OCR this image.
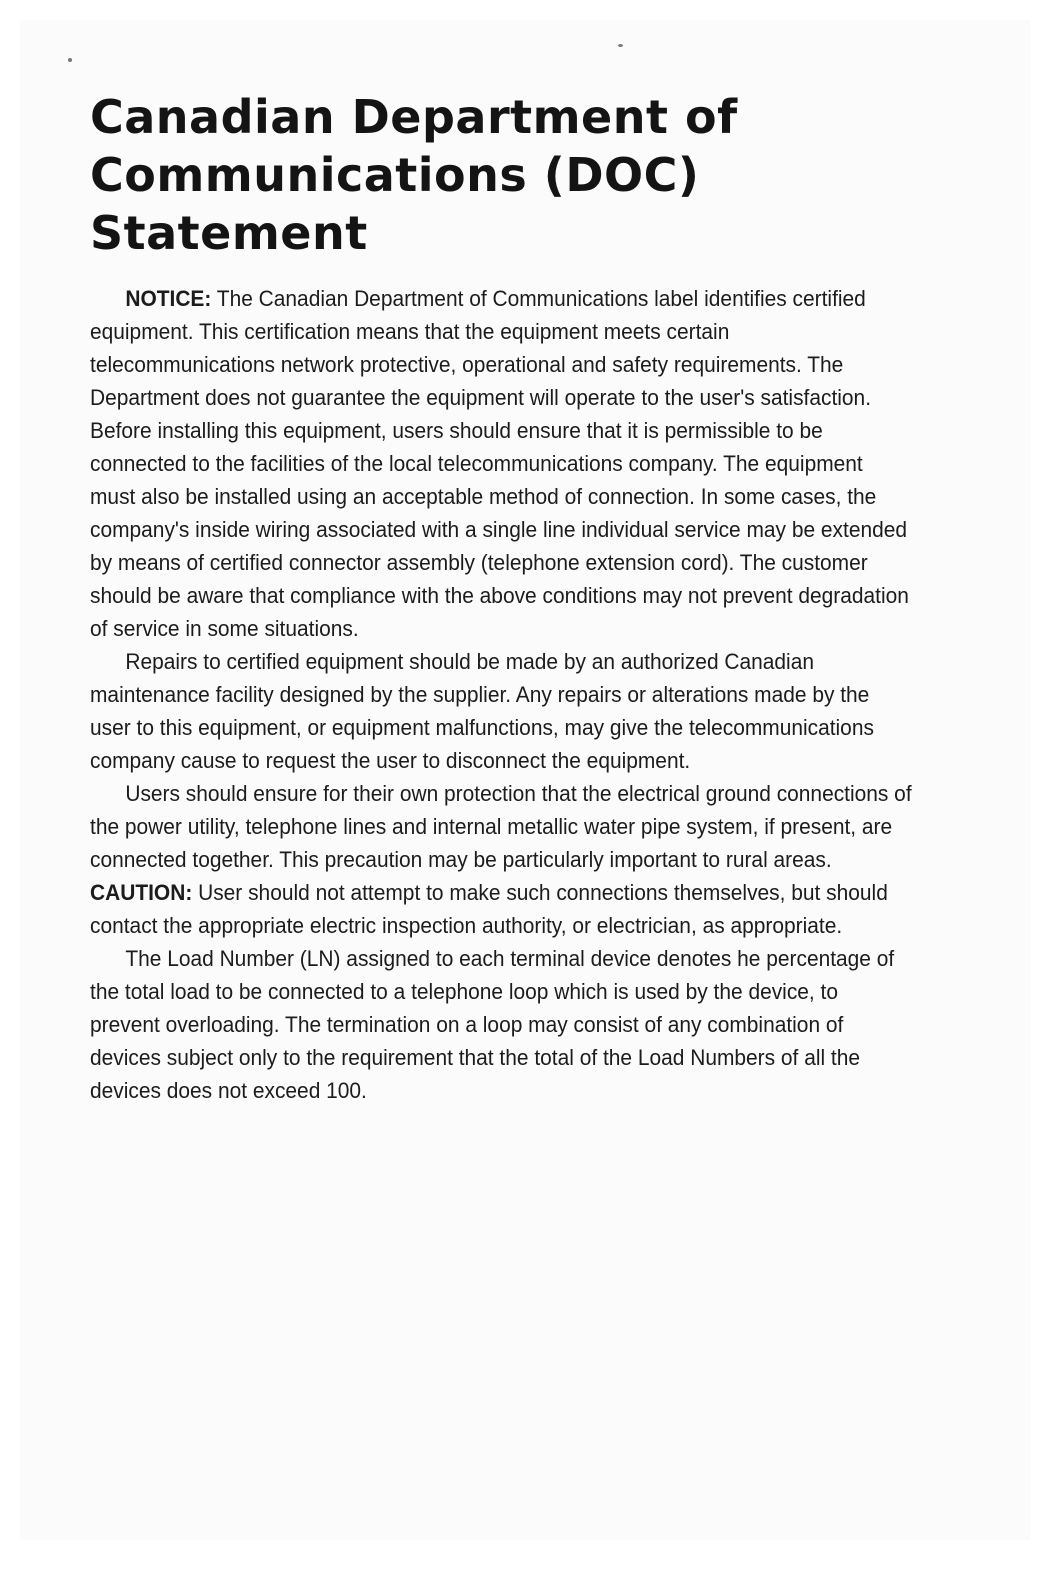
Canadian Department of
Communications (DOC)
Statement

NOTICE: The Canadian Department of Communications label identifies certified equipment. This certification means that the equipment meets certain telecommunications network protective, operational and safety requirements. The Department does not guarantee the equipment will operate to the user's satisfaction. Before installing this equipment, users should ensure that it is permissible to be connected to the facilities of the local telecommunications company. The equipment must also be installed using an acceptable method of connection. In some cases, the company's inside wiring associated with a single line individual service may be extended by means of certified connector assembly (telephone extension cord). The customer should be aware that compliance with the above conditions may not prevent degradation of service in some situations.

Repairs to certified equipment should be made by an authorized Canadian maintenance facility designed by the supplier. Any repairs or alterations made by the user to this equipment, or equipment malfunctions, may give the telecommunications company cause to request the user to disconnect the equipment.

Users should ensure for their own protection that the electrical ground connections of the power utility, telephone lines and internal metallic water pipe system, if present, are connected together. This precaution may be particularly important to rural areas.

CAUTION: User should not attempt to make such connections themselves, but should contact the appropriate electric inspection authority, or electrician, as appropriate.

The Load Number (LN) assigned to each terminal device denotes he percentage of the total load to be connected to a telephone loop which is used by the device, to prevent overloading. The termination on a loop may consist of any combination of devices subject only to the requirement that the total of the Load Numbers of all the devices does not exceed 100.
